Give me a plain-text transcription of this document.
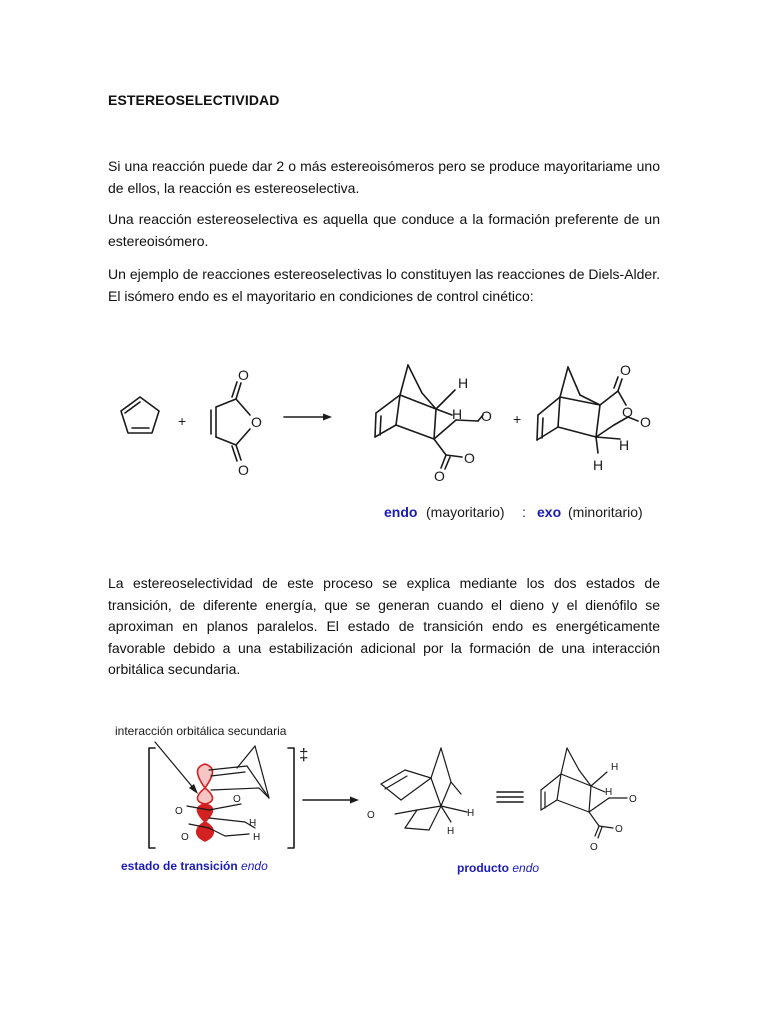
ESTEREOSELECTIVIDAD

Si una reacción puede dar 2 o más estereoisómeros pero se produce mayoritariame uno de ellos, la reacción es estereoselectiva.

Una reacción estereoselectiva es aquella que conduce a la formación preferente de un estereoisómero.

Un ejemplo de reacciones estereoselectivas lo constituyen las reacciones de Diels-Alder. El isómero endo es el mayoritario en condiciones de control cinético:

La estereoselectividad de este proceso se explica mediante los dos estados de transición, de diferente energía, que se generan cuando el dieno y el dienófilo se aproximan en planos paralelos. El estado de transición endo es energéticamente favorable debido a una estabilización adicional por la formación de una interacción orbitálica secundaria.

+
O
O
O
H
H O
O
O
+
O
O
O
H
H
endo (mayoritario) : exo (minoritario)
interacción orbitálica secundaria
‡
O
O
O
H
H
O	H
H
H
H
O
O
O
estado de transición endo	producto endo
